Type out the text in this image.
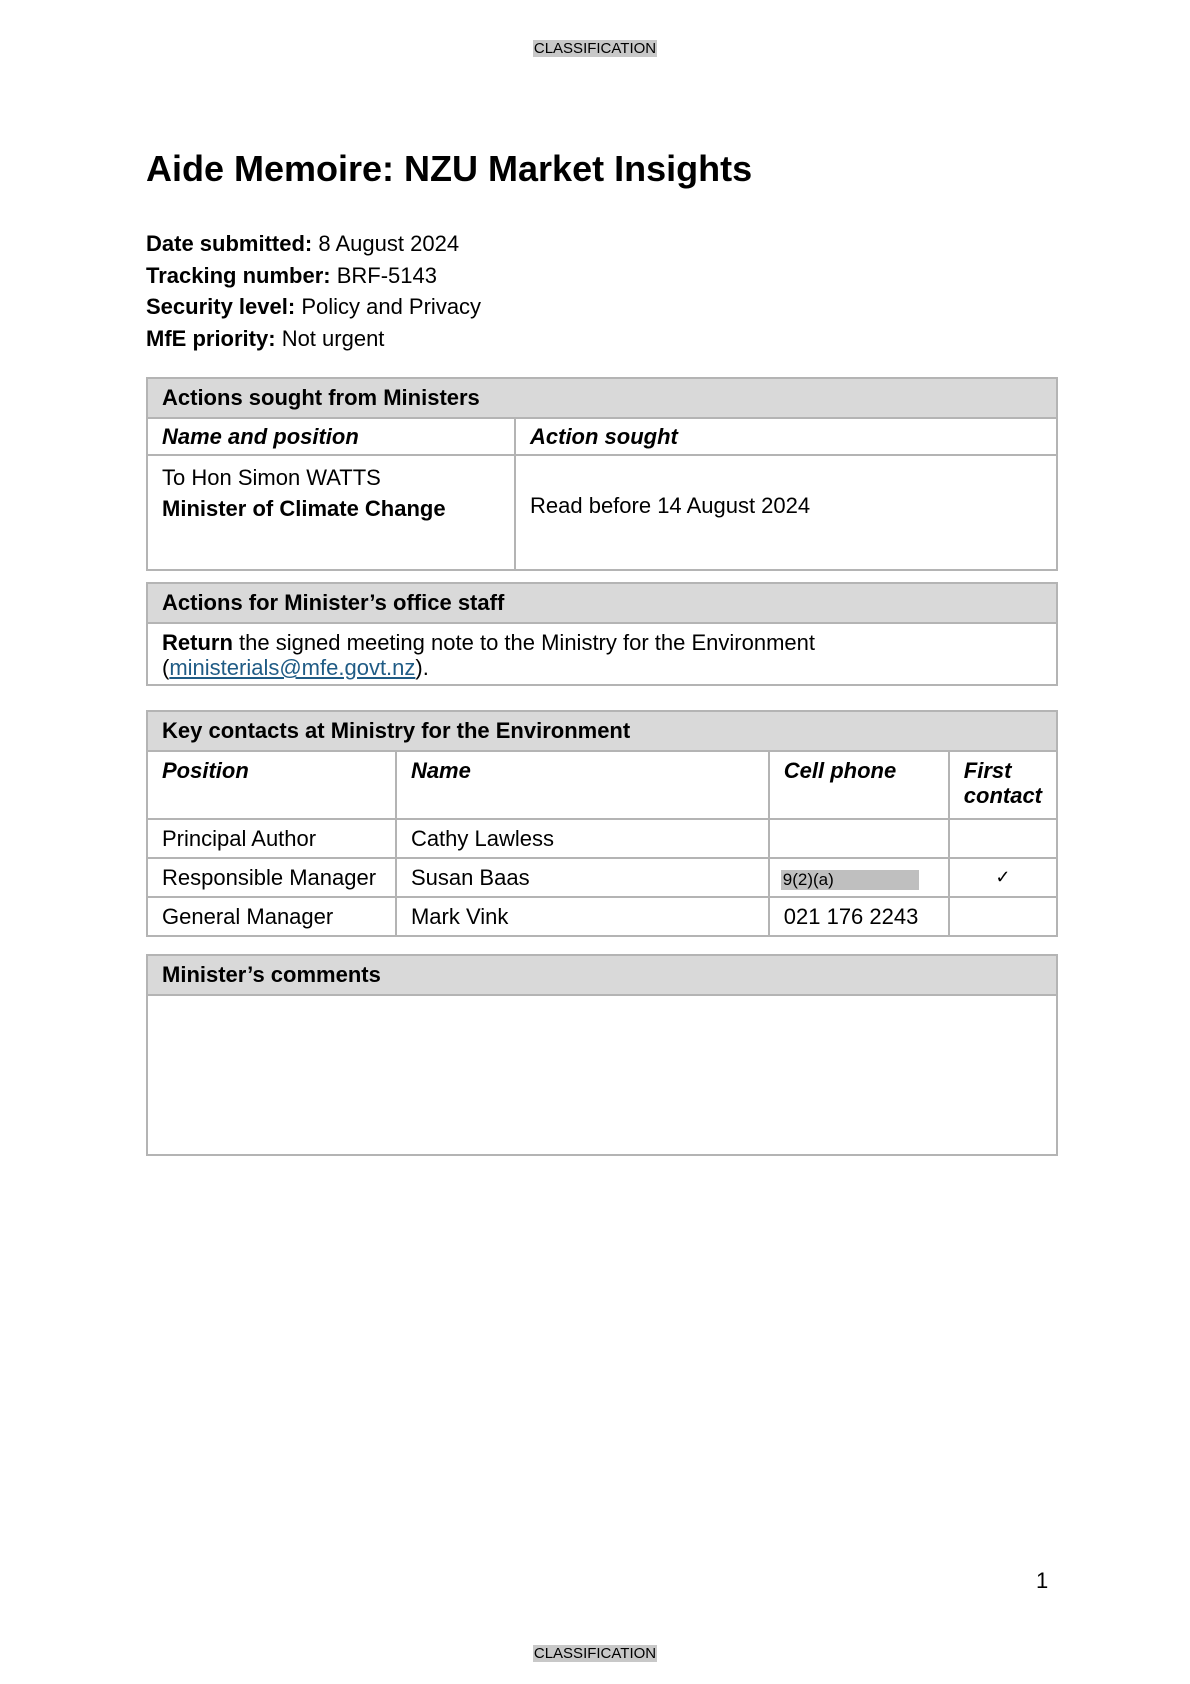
CLASSIFICATION
Aide Memoire: NZU Market Insights
Date submitted: 8 August 2024
Tracking number: BRF-5143
Security level: Policy and Privacy
MfE priority: Not urgent
Actions sought from Ministers	
Name and position	Action sought

To Hon Simon WATTS
Minister of Climate Change	Read before 14 August 2024
Actions for Minister’s office staff
Return the signed meeting note to the Ministry for the Environment
(ministerials@mfe.govt.nz).
Key contacts at Ministry for the Environment			
Position	Name	Cell phone	First contact
Principal Author	Cathy Lawless		
Responsible Manager	Susan Baas	9(2)(a)	✓
General Manager	Mark Vink	021 176 2243	
Minister’s comments

1
CLASSIFICATION
